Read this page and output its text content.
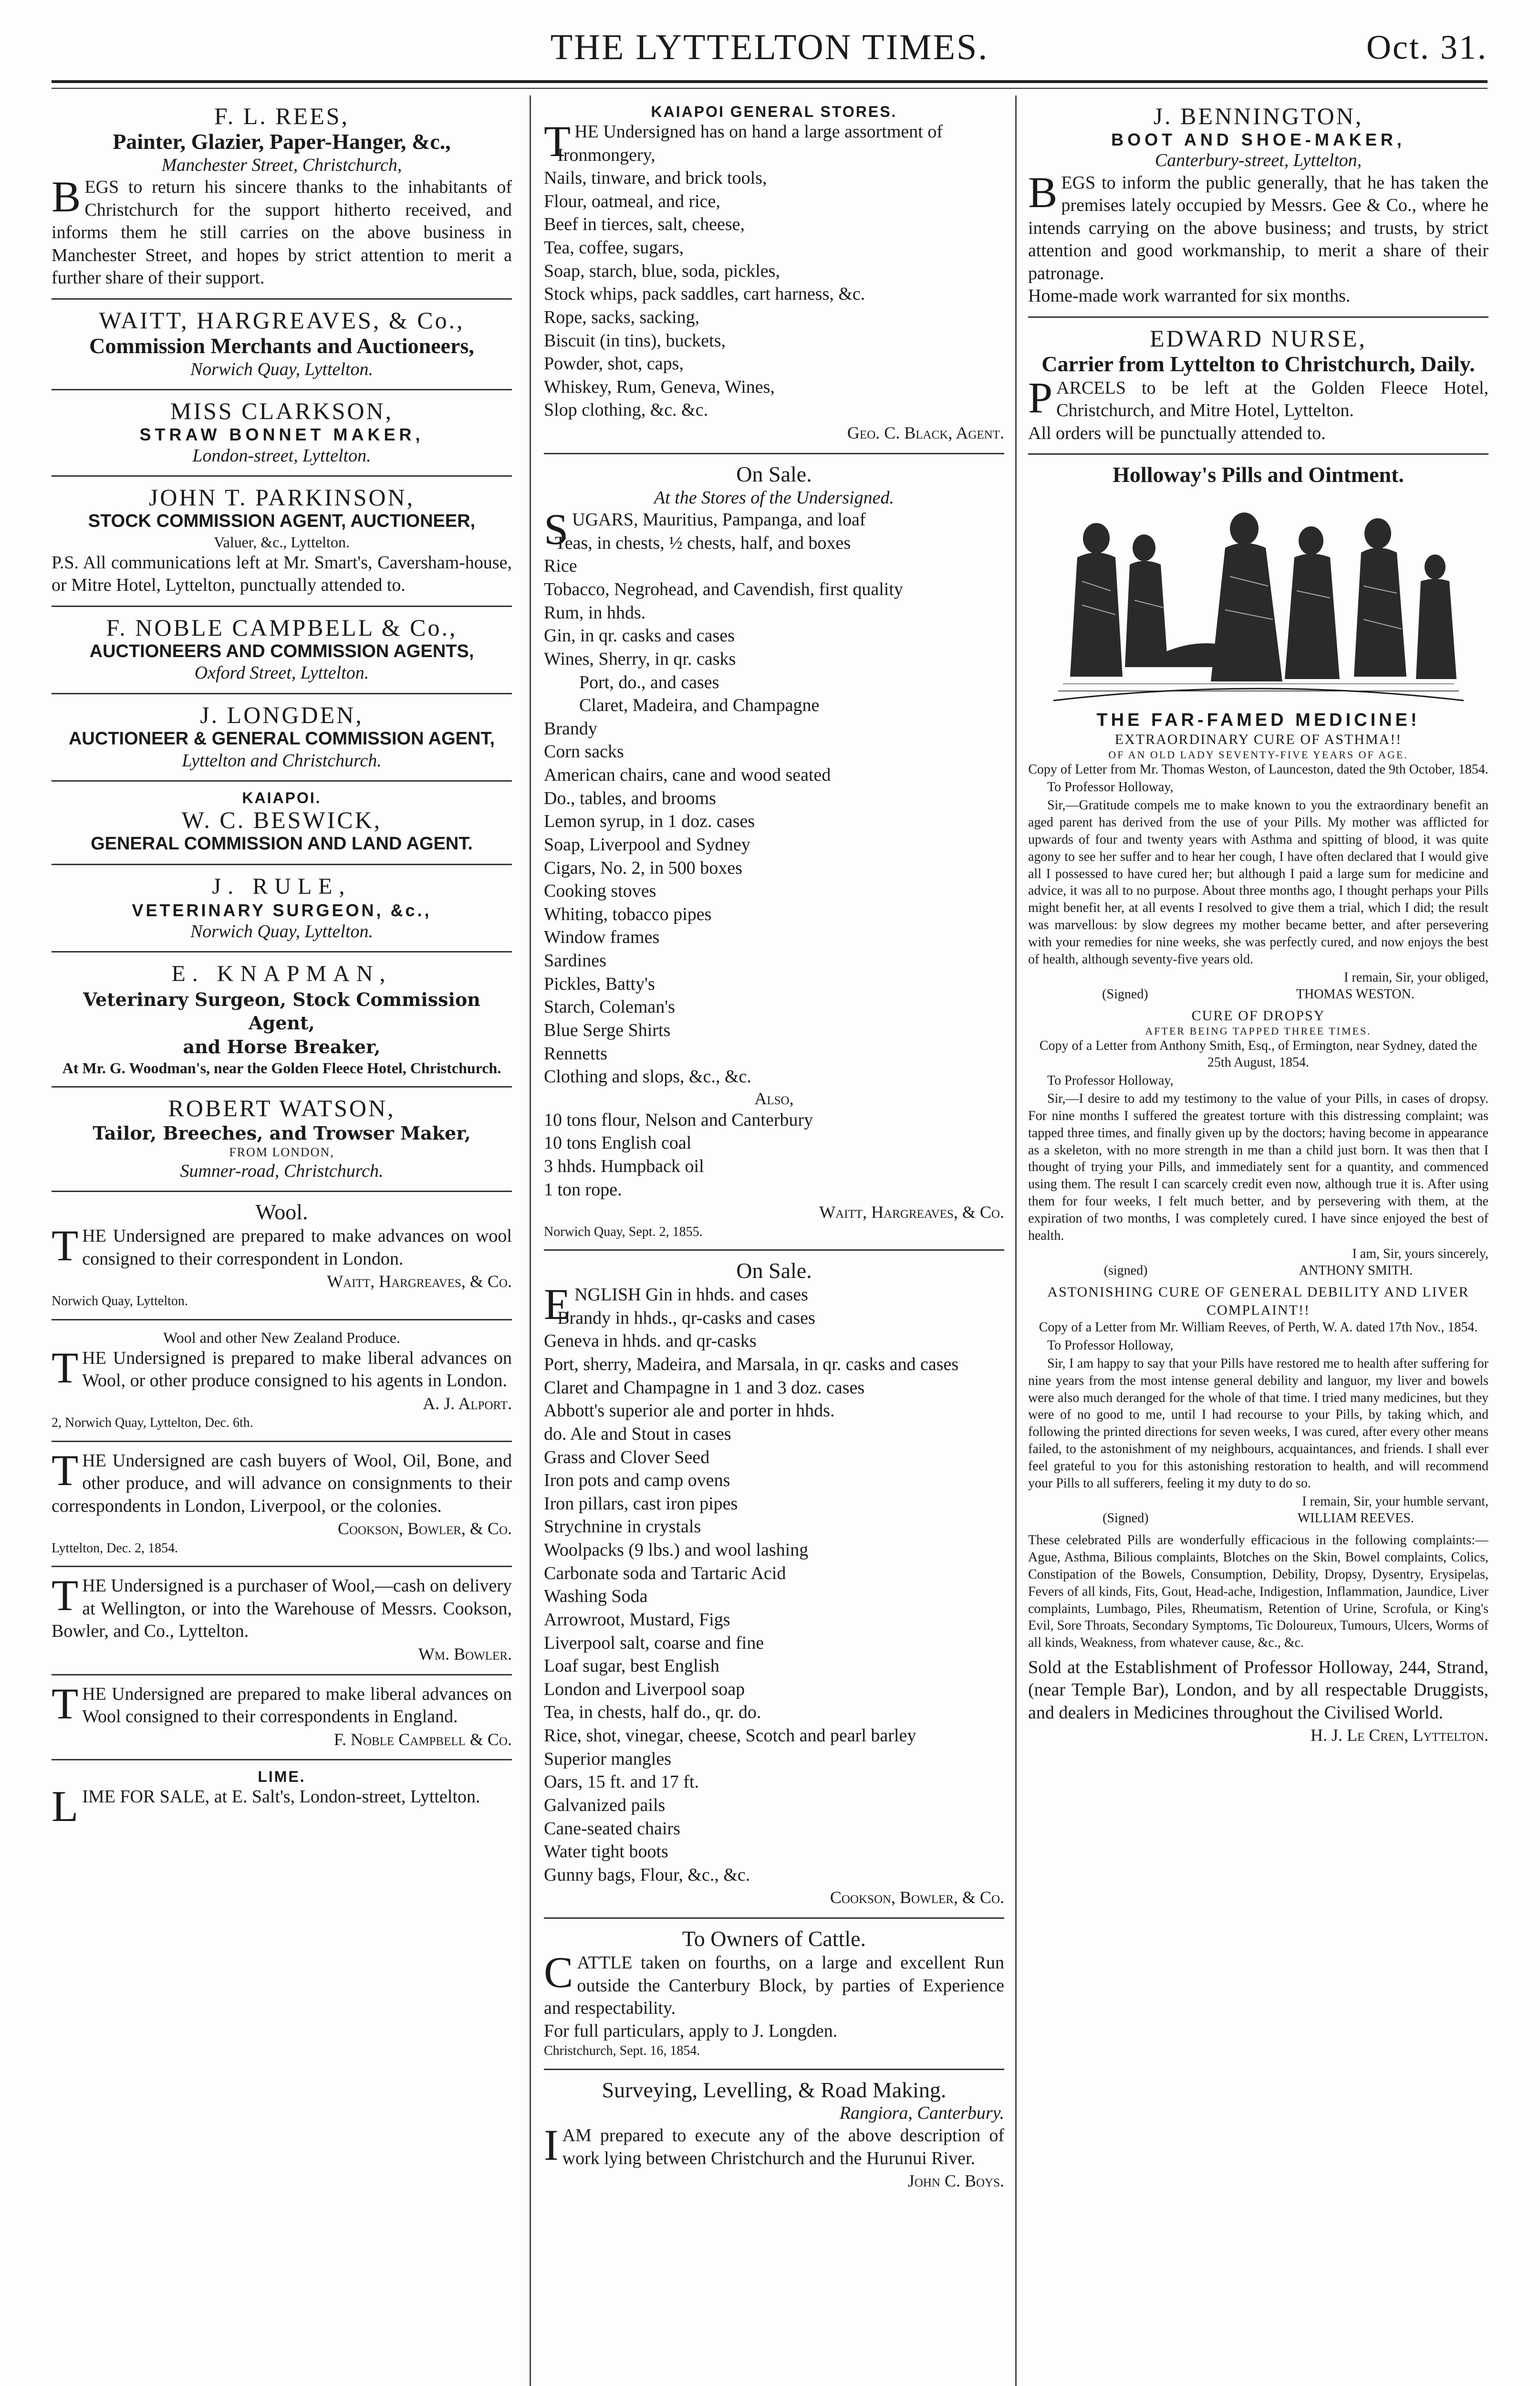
THE LYTTELTON TIMES.	Oct. 31.
F. L. REES,
Painter, Glazier, Paper-Hanger, &c.,
Manchester Street, Christchurch,
BEGS to return his sincere thanks to the inhabitants of Christchurch for the support hitherto received, and informs them he still carries on the above business in Manchester Street, and hopes by strict attention to merit a further share of their support.
WAITT, HARGREAVES, & Co.,
Commission Merchants and Auctioneers,
Norwich Quay, Lyttelton.
MISS CLARKSON,
STRAW BONNET MAKER,
London-street, Lyttelton.
JOHN T. PARKINSON,
STOCK COMMISSION AGENT, AUCTIONEER,
Valuer, &c., Lyttelton.
P.S. All communications left at Mr. Smart's, Caversham-house, or Mitre Hotel, Lyttelton, punctually attended to.
F. NOBLE CAMPBELL & Co.,
AUCTIONEERS AND COMMISSION AGENTS,
Oxford Street, Lyttelton.
J. LONGDEN,
AUCTIONEER & GENERAL COMMISSION AGENT,
Lyttelton and Christchurch.
KAIAPOI.
W. C. BESWICK,
GENERAL COMMISSION AND LAND AGENT.
J. RULE,
VETERINARY SURGEON, &c.,
Norwich Quay, Lyttelton.
E. KNAPMAN,
Veterinary Surgeon, Stock Commission Agent,
and Horse Breaker,
At Mr. G. Woodman's, near the Golden Fleece Hotel, Christchurch.
ROBERT WATSON,
Tailor, Breeches, and Trowser Maker,
FROM LONDON,
Sumner-road, Christchurch.
Wool.
THE Undersigned are prepared to make advances on wool consigned to their correspondent in London.
Waitt, Hargreaves, & Co.
Norwich Quay, Lyttelton.
Wool and other New Zealand Produce.
THE Undersigned is prepared to make liberal advances on Wool, or other produce consigned to his agents in London.
A. J. Alport.
2, Norwich Quay, Lyttelton, Dec. 6th.
THE Undersigned are cash buyers of Wool, Oil, Bone, and other produce, and will advance on consignments to their correspondents in London, Liverpool, or the colonies.
Cookson, Bowler, & Co.
Lyttelton, Dec. 2, 1854.
THE Undersigned is a purchaser of Wool,—cash on delivery at Wellington, or into the Warehouse of Messrs. Cookson, Bowler, and Co., Lyttelton.
Wm. Bowler.
THE Undersigned are prepared to make liberal advances on Wool consigned to their correspondents in England.
F. Noble Campbell & Co.
LIME.
LIME FOR SALE, at E. Salt's, London-street, Lyttelton.
KAIAPOI GENERAL STORES.
THE Undersigned has on hand a large assortment of
Ironmongery,
Nails, tinware, and brick tools,
Flour, oatmeal, and rice,
Beef in tierces, salt, cheese,
Tea, coffee, sugars,
Soap, starch, blue, soda, pickles,
Stock whips, pack saddles, cart harness, &c.
Rope, sacks, sacking,
Biscuit (in tins), buckets,
Powder, shot, caps,
Whiskey, Rum, Geneva, Wines,
Slop clothing, &c. &c.
Geo. C. Black, Agent.
On Sale.
At the Stores of the Undersigned.
SUGARS, Mauritius, Pampanga, and loaf
Teas, in chests, ½ chests, half, and boxes
Rice
Tobacco, Negrohead, and Cavendish, first quality
Rum, in hhds.
Gin, in qr. casks and cases
Wines, Sherry, in qr. casks
Port, do., and cases
Claret, Madeira, and Champagne
Brandy
Corn sacks
American chairs, cane and wood seated
Do., tables, and brooms
Lemon syrup, in 1 doz. cases
Soap, Liverpool and Sydney
Cigars, No. 2, in 500 boxes
Cooking stoves
Whiting, tobacco pipes
Window frames
Sardines
Pickles, Batty's
Starch, Coleman's
Blue Serge Shirts
Rennetts
Clothing and slops, &c., &c.
Also,
10 tons flour, Nelson and Canterbury
10 tons English coal
3 hhds. Humpback oil
1 ton rope.
Waitt, Hargreaves, & Co.
Norwich Quay, Sept. 2, 1855.
On Sale.
ENGLISH Gin in hhds. and cases
Brandy in hhds., qr-casks and cases
Geneva in hhds. and qr-casks
Port, sherry, Madeira, and Marsala, in qr. casks and cases
Claret and Champagne in 1 and 3 doz. cases
Abbott's superior ale and porter in hhds.
do. Ale and Stout in cases
Grass and Clover Seed
Iron pots and camp ovens
Iron pillars, cast iron pipes
Strychnine in crystals
Woolpacks (9 lbs.) and wool lashing
Carbonate soda and Tartaric Acid
Washing Soda
Arrowroot, Mustard, Figs
Liverpool salt, coarse and fine
Loaf sugar, best English
London and Liverpool soap
Tea, in chests, half do., qr. do.
Rice, shot, vinegar, cheese, Scotch and pearl barley
Superior mangles
Oars, 15 ft. and 17 ft.
Galvanized pails
Cane-seated chairs
Water tight boots
Gunny bags, Flour, &c., &c.
Cookson, Bowler, & Co.
To Owners of Cattle.
CATTLE taken on fourths, on a large and excellent Run outside the Canterbury Block, by parties of Experience and respectability.
For full particulars, apply to J. Longden.
Christchurch, Sept. 16, 1854.
Surveying, Levelling, & Road Making.
Rangiora, Canterbury.
IAM prepared to execute any of the above description of work lying between Christchurch and the Hurunui River.
John C. Boys.
J. BENNINGTON,
BOOT AND SHOE-MAKER,
Canterbury-street, Lyttelton,
BEGS to inform the public generally, that he has taken the premises lately occupied by Messrs. Gee & Co., where he intends carrying on the above business; and trusts, by strict attention and good workmanship, to merit a share of their patronage.
Home-made work warranted for six months.
EDWARD NURSE,
Carrier from Lyttelton to Christchurch, Daily.
PARCELS to be left at the Golden Fleece Hotel, Christchurch, and Mitre Hotel, Lyttelton.
All orders will be punctually attended to.
Holloway's Pills and Ointment.
THE FAR-FAMED MEDICINE!
EXTRAORDINARY CURE OF ASTHMA!!
OF AN OLD LADY SEVENTY-FIVE YEARS OF AGE.
Copy of Letter from Mr. Thomas Weston, of Launceston, dated the 9th October, 1854.

To Professor Holloway,

Sir,—Gratitude compels me to make known to you the extraordinary benefit an aged parent has derived from the use of your Pills. My mother was afflicted for upwards of four and twenty years with Asthma and spitting of blood, it was quite agony to see her suffer and to hear her cough, I have often declared that I would give all I possessed to have cured her; but although I paid a large sum for medicine and advice, it was all to no purpose. About three months ago, I thought perhaps your Pills might benefit her, at all events I resolved to give them a trial, which I did; the result was marvellous: by slow degrees my mother became better, and after persevering with your remedies for nine weeks, she was perfectly cured, and now enjoys the best of health, although seventy-five years old.

I remain, Sir, your obliged,
(Signed)	THOMAS WESTON.
CURE OF DROPSY
AFTER BEING TAPPED THREE TIMES.
Copy of a Letter from Anthony Smith, Esq., of Ermington, near Sydney, dated the 25th August, 1854.

To Professor Holloway,

Sir,—I desire to add my testimony to the value of your Pills, in cases of dropsy. For nine months I suffered the greatest torture with this distressing complaint; was tapped three times, and finally given up by the doctors; having become in appearance as a skeleton, with no more strength in me than a child just born. It was then that I thought of trying your Pills, and immediately sent for a quantity, and commenced using them. The result I can scarcely credit even now, although true it is. After using them for four weeks, I felt much better, and by persevering with them, at the expiration of two months, I was completely cured. I have since enjoyed the best of health.

I am, Sir, yours sincerely,
(signed)	ANTHONY SMITH.
ASTONISHING CURE OF GENERAL DEBILITY AND LIVER COMPLAINT!!
Copy of a Letter from Mr. William Reeves, of Perth, W. A. dated 17th Nov., 1854.

To Professor Holloway,

Sir, I am happy to say that your Pills have restored me to health after suffering for nine years from the most intense general debility and languor, my liver and bowels were also much deranged for the whole of that time. I tried many medicines, but they were of no good to me, until I had recourse to your Pills, by taking which, and following the printed directions for seven weeks, I was cured, after every other means failed, to the astonishment of my neighbours, acquaintances, and friends. I shall ever feel grateful to you for this astonishing restoration to health, and will recommend your Pills to all sufferers, feeling it my duty to do so.

I remain, Sir, your humble servant,
(Signed)	WILLIAM REEVES.
These celebrated Pills are wonderfully efficacious in the following complaints:— Ague, Asthma, Bilious complaints, Blotches on the Skin, Bowel complaints, Colics, Constipation of the Bowels, Consumption, Debility, Dropsy, Dysentry, Erysipelas, Fevers of all kinds, Fits, Gout, Head-ache, Indigestion, Inflammation, Jaundice, Liver complaints, Lumbago, Piles, Rheumatism, Retention of Urine, Scrofula, or King's Evil, Sore Throats, Secondary Symptoms, Tic Doloureux, Tumours, Ulcers, Worms of all kinds, Weakness, from whatever cause, &c., &c.
Sold at the Establishment of Professor Holloway, 244, Strand, (near Temple Bar), London, and by all respectable Druggists, and dealers in Medicines throughout the Civilised World.
H. J. Le Cren, Lyttelton.
